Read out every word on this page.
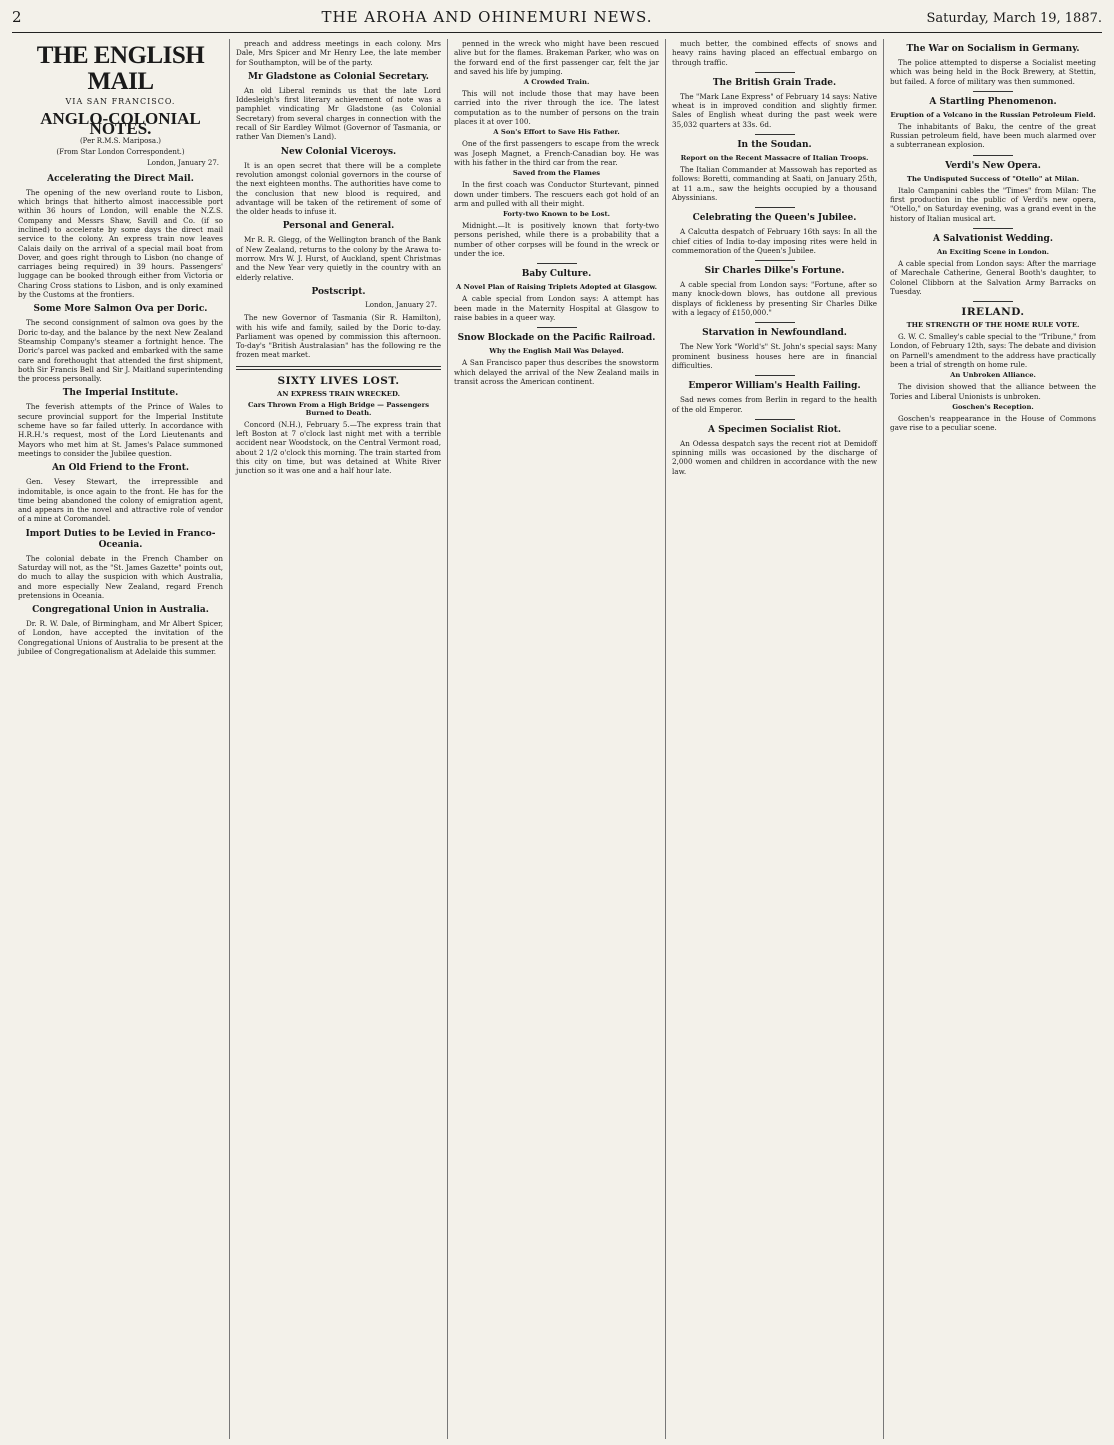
2	THE AROHA AND OHINEMURI NEWS.	Saturday, March 19, 1887.
THE ENGLISH MAIL
VIA SAN FRANCISCO.
ANGLO-COLONIAL NOTES.
(Per R.M.S. Mariposa.)
(From Star London Correspondent.)
London, January 27.
Accelerating the Direct Mail.

The opening of the new overland route to Lisbon, which brings that hitherto almost inaccessible port within 36 hours of London, will enable the N.Z.S. Company and Messrs Shaw, Savill and Co. (if so inclined) to accelerate by some days the direct mail service to the colony. An express train now leaves Calais daily on the arrival of a special mail boat from Dover, and goes right through to Lisbon (no change of carriages being required) in 39 hours. Passengers' luggage can be booked through either from Victoria or Charing Cross stations to Lisbon, and is only examined by the Customs at the frontiers.

Some More Salmon Ova per Doric.

The second consignment of salmon ova goes by the Doric to-day, and the balance by the next New Zealand Steamship Company's steamer a fortnight hence. The Doric's parcel was packed and embarked with the same care and forethought that attended the first shipment, both Sir Francis Bell and Sir J. Maitland superintending the process personally.

The Imperial Institute.

The feverish attempts of the Prince of Wales to secure provincial support for the Imperial Institute scheme have so far failed utterly. In accordance with H.R.H.'s request, most of the Lord Lieutenants and Mayors who met him at St. James's Palace summoned meetings to consider the Jubilee question.

An Old Friend to the Front.

Gen. Vesey Stewart, the irrepressible and indomitable, is once again to the front. He has for the time being abandoned the colony of emigration agent, and appears in the novel and attractive role of vendor of a mine at Coromandel.

Import Duties to be Levied in Franco-Oceania.

The colonial debate in the French Chamber on Saturday will not, as the "St. James Gazette" points out, do much to allay the suspicion with which Australia, and more especially New Zealand, regard French pretensions in Oceania.

Congregational Union in Australia.

Dr. R. W. Dale, of Birmingham, and Mr Albert Spicer, of London, have accepted the invitation of the Congregational Unions of Australia to be present at the jubilee of Congregationalism at Adelaide this summer.

preach and address meetings in each colony. Mrs Dale, Mrs Spicer and Mr Henry Lee, the late member for Southampton, will be of the party.

Mr Gladstone as Colonial Secretary.

An old Liberal reminds us that the late Lord Iddesleigh's first literary achievement of note was a pamphlet vindicating Mr Gladstone (as Colonial Secretary) from several charges in connection with the recall of Sir Eardley Wilmot (Governor of Tasmania, or rather Van Diemen's Land).

New Colonial Viceroys.

It is an open secret that there will be a complete revolution amongst colonial governors in the course of the next eighteen months. The authorities have come to the conclusion that new blood is required, and advantage will be taken of the retirement of some of the older heads to infuse it.

Personal and General.

Mr R. R. Glegg, of the Wellington branch of the Bank of New Zealand, returns to the colony by the Arawa to-morrow. Mrs W. J. Hurst, of Auckland, spent Christmas and the New Year very quietly in the country with an elderly relative.

Postscript.
London, January 27.

The new Governor of Tasmania (Sir R. Hamilton), with his wife and family, sailed by the Doric to-day. Parliament was opened by commission this afternoon. To-day's "British Australasian" has the following re the frozen meat market.

SIXTY LIVES LOST.
AN EXPRESS TRAIN WRECKED.
Cars Thrown From a High Bridge — Passengers Burned to Death.

Concord (N.H.), February 5.—The express train that left Boston at 7 o'clock last night met with a terrible accident near Woodstock, on the Central Vermont road, about 2 1/2 o'clock this morning. The train started from this city on time, but was detained at White River junction so it was one and a half hour late.

penned in the wreck who might have been rescued alive but for the flames. Brakeman Parker, who was on the forward end of the first passenger car, felt the jar and saved his life by jumping.

A Crowded Train.

This will not include those that may have been carried into the river through the ice. The latest computation as to the number of persons on the train places it at over 100.

A Son's Effort to Save His Father.

One of the first passengers to escape from the wreck was Joseph Magnet, a French-Canadian boy. He was with his father in the third car from the rear.

Saved from the Flames

In the first coach was Conductor Sturtevant, pinned down under timbers. The rescuers each got hold of an arm and pulled with all their might.

Forty-two Known to be Lost.

Midnight.—It is positively known that forty-two persons perished, while there is a probability that a number of other corpses will be found in the wreck or under the ice.

Baby Culture.
A Novel Plan of Raising Triplets Adopted at Glasgow.

A cable special from London says: A attempt has been made in the Maternity Hospital at Glasgow to raise babies in a queer way.

Snow Blockade on the Pacific Railroad.
Why the English Mail Was Delayed.

A San Francisco paper thus describes the snowstorm which delayed the arrival of the New Zealand mails in transit across the American continent.

much better, the combined effects of snows and heavy rains having placed an effectual embargo on through traffic.

The British Grain Trade.

The "Mark Lane Express" of February 14 says: Native wheat is in improved condition and slightly firmer. Sales of English wheat during the past week were 35,032 quarters at 33s. 6d.

In the Soudan.
Report on the Recent Massacre of Italian Troops.

The Italian Commander at Massowah has reported as follows: Boretti, commanding at Saati, on January 25th, at 11 a.m., saw the heights occupied by a thousand Abyssinians.

Celebrating the Queen's Jubilee.

A Calcutta despatch of February 16th says: In all the chief cities of India to-day imposing rites were held in commemoration of the Queen's Jubilee.

Sir Charles Dilke's Fortune.

A cable special from London says: "Fortune, after so many knock-down blows, has outdone all previous displays of fickleness by presenting Sir Charles Dilke with a legacy of £150,000."

Starvation in Newfoundland.

The New York "World's" St. John's special says: Many prominent business houses here are in financial difficulties.

Emperor William's Health Failing.

Sad news comes from Berlin in regard to the health of the old Emperor.

A Specimen Socialist Riot.

An Odessa despatch says the recent riot at Demidoff spinning mills was occasioned by the discharge of 2,000 women and children in accordance with the new law.

The War on Socialism in Germany.

The police attempted to disperse a Socialist meeting which was being held in the Bock Brewery, at Stettin, but failed. A force of military was then summoned.

A Startling Phenomenon.
Eruption of a Volcano in the Russian Petroleum Field.

The inhabitants of Baku, the centre of the great Russian petroleum field, have been much alarmed over a subterranean explosion.

Verdi's New Opera.
The Undisputed Success of "Otello" at Milan.

Italo Campanini cables the "Times" from Milan: The first production in the public of Verdi's new opera, "Otello," on Saturday evening, was a grand event in the history of Italian musical art.

A Salvationist Wedding.
An Exciting Scene in London.

A cable special from London says: After the marriage of Marechale Catherine, General Booth's daughter, to Colonel Clibborn at the Salvation Army Barracks on Tuesday.

IRELAND.
THE STRENGTH OF THE HOME RULE VOTE.

G. W. C. Smalley's cable special to the "Tribune," from London, of February 12th, says: The debate and division on Parnell's amendment to the address have practically been a trial of strength on home rule.

An Unbroken Alliance.

The division showed that the alliance between the Tories and Liberal Unionists is unbroken.

Goschen's Reception.

Goschen's reappearance in the House of Commons gave rise to a peculiar scene.
